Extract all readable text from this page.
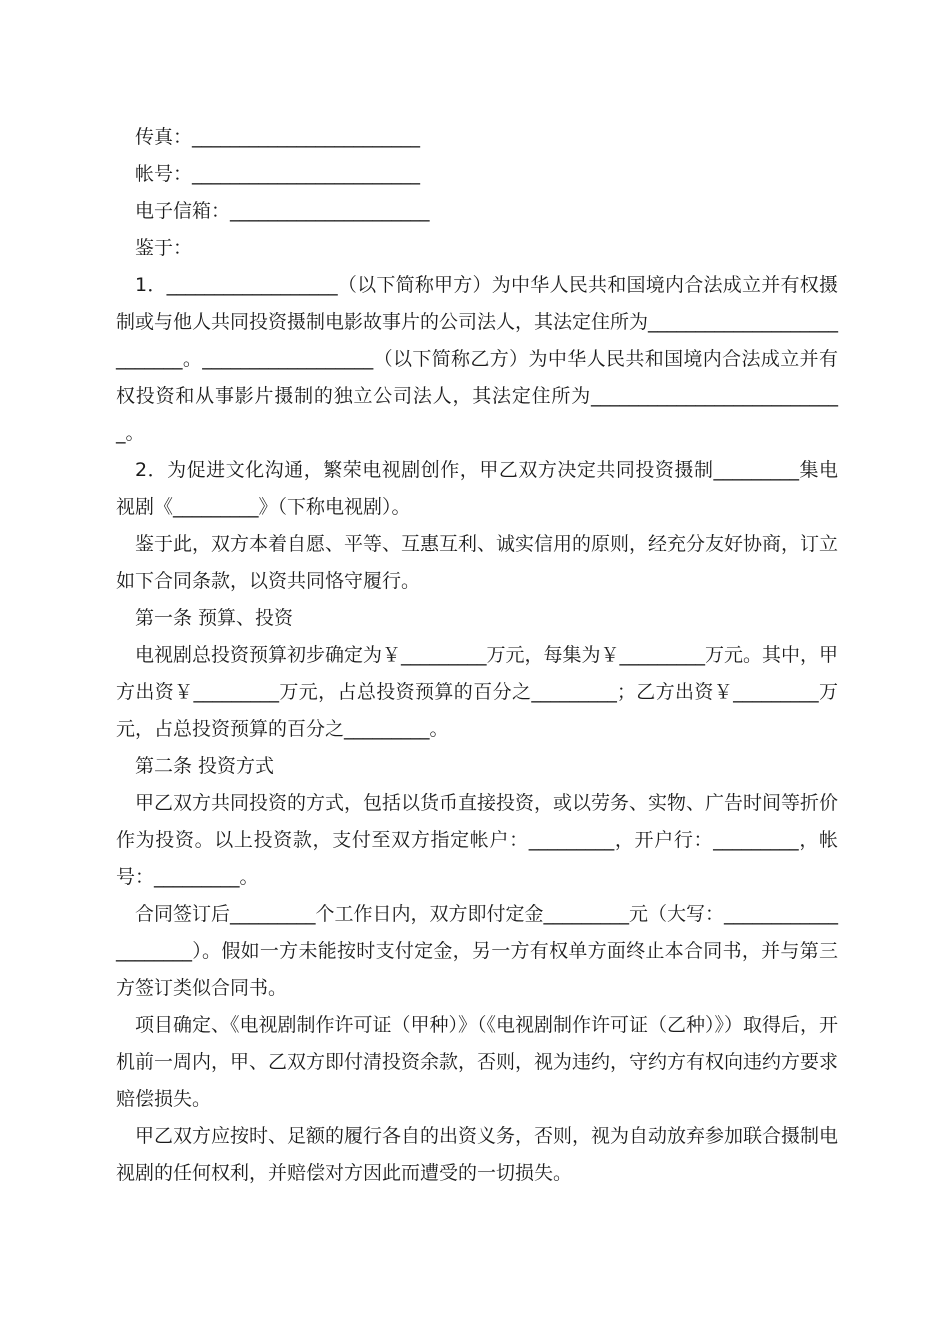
传真：________________________

帐号：________________________

电子信箱：_____________________

鉴于：

1．__________________（以下简称甲方）为中华人民共和国境内合法成立并有权摄制或与他人共同投资摄制电影故事片的公司法人，其法定住所为___________________________。__________________（以下简称乙方）为中华人民共和国境内合法成立并有权投资和从事影片摄制的独立公司法人，其法定住所为___________________________。

2．为促进文化沟通，繁荣电视剧创作，甲乙双方决定共同投资摄制_________集电视剧《_________》（下称电视剧）。

鉴于此，双方本着自愿、平等、互惠互利、诚实信用的原则，经充分友好协商，订立如下合同条款，以资共同恪守履行。

第一条 预算、投资

电视剧总投资预算初步确定为￥_________万元，每集为￥_________万元。其中，甲方出资￥_________万元，占总投资预算的百分之_________；乙方出资￥_________万元，占总投资预算的百分之_________。

第二条 投资方式

甲乙双方共同投资的方式，包括以货币直接投资，或以劳务、实物、广告时间等折价作为投资。以上投资款，支付至双方指定帐户：_________，开户行：_________，帐号：_________。

合同签订后_________个工作日内，双方即付定金_________元（大写：____________________）。假如一方未能按时支付定金，另一方有权单方面终止本合同书，并与第三方签订类似合同书。

项目确定、《电视剧制作许可证（甲种）》（《电视剧制作许可证（乙种）》）取得后，开机前一周内，甲、乙双方即付清投资余款，否则，视为违约，守约方有权向违约方要求赔偿损失。

甲乙双方应按时、足额的履行各自的出资义务，否则，视为自动放弃参加联合摄制电视剧的任何权利，并赔偿对方因此而遭受的一切损失。
